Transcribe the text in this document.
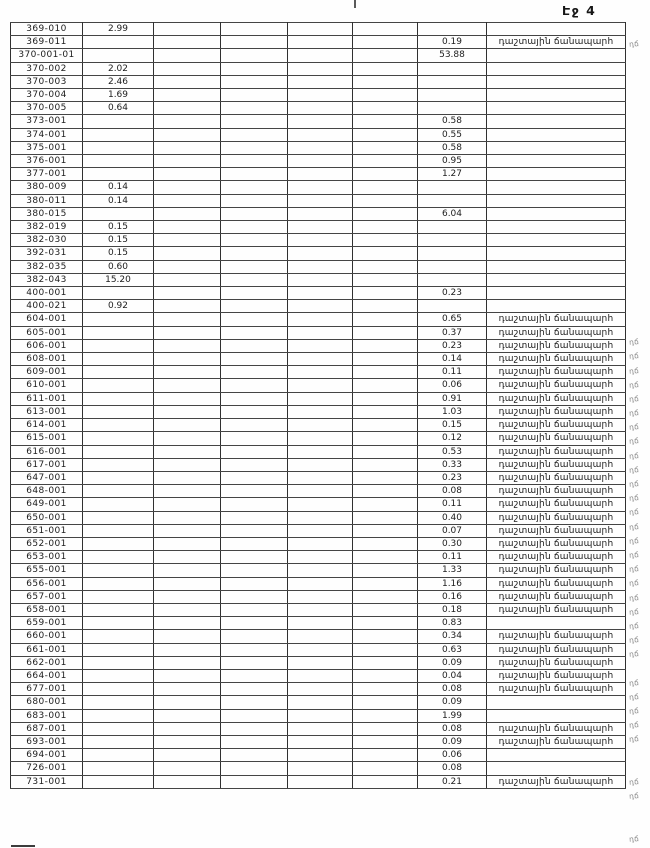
Էջ 4
369-010	2.99						
369-011						0.19	դաշտային ճանապարհ
370-001-01						53.88	
370-002	2.02						
370-003	2.46						
370-004	1.69						
370-005	0.64						
373-001						0.58	
374-001						0.55	
375-001						0.58	
376-001						0.95	
377-001						1.27	
380-009	0.14						
380-011	0.14						
380-015						6.04	
382-019	0.15						
382-030	0.15						
392-031	0.15						
382-035	0.60						
382-043	15.20						
400-001						0.23	
400-021	0.92						
604-001						0.65	դաշտային ճանապարհ
605-001						0.37	դաշտային ճանապարհ
606-001						0.23	դաշտային ճանապարհ
608-001						0.14	դաշտային ճանապարհ
609-001						0.11	դաշտային ճանապարհ
610-001						0.06	դաշտային ճանապարհ
611-001						0.91	դաշտային ճանապարհ
613-001						1.03	դաշտային ճանապարհ
614-001						0.15	դաշտային ճանապարհ
615-001						0.12	դաշտային ճանապարհ
616-001						0.53	դաշտային ճանապարհ
617-001						0.33	դաշտային ճանապարհ
647-001						0.23	դաշտային ճանապարհ
648-001						0.08	դաշտային ճանապարհ
649-001						0.11	դաշտային ճանապարհ
650-001						0.40	դաշտային ճանապարհ
651-001						0.07	դաշտային ճանապարհ
652-001						0.30	դաշտային ճանապարհ
653-001						0.11	դաշտային ճանապարհ
655-001						1.33	դաշտային ճանապարհ
656-001						1.16	դաշտային ճանապարհ
657-001						0.16	դաշտային ճանապարհ
658-001						0.18	դաշտային ճանապարհ
659-001						0.83	
660-001						0.34	դաշտային ճանապարհ
661-001						0.63	դաշտային ճանապարհ
662-001						0.09	դաշտային ճանապարհ
664-001						0.04	դաշտային ճանապարհ
677-001						0.08	դաշտային ճանապարհ
680-001						0.09	
683-001						1.99	
687-001						0.08	դաշտային ճանապարհ
693-001						0.09	դաշտային ճանապարհ
694-001						0.06	
726-001						0.08	
731-001						0.21	դաշտային ճանապարհ
դճ
դճ
դճ
դճ
դճ
դճ
դճ
դճ
դճ
դճ
դճ
դճ
դճ
դճ
դճ
դճ
դճ
դճ
դճ
դճ
դճ
դճ
դճ
դճ
դճ
դճ
դճ
դճ
դճ
դճ
դճ
դճ
